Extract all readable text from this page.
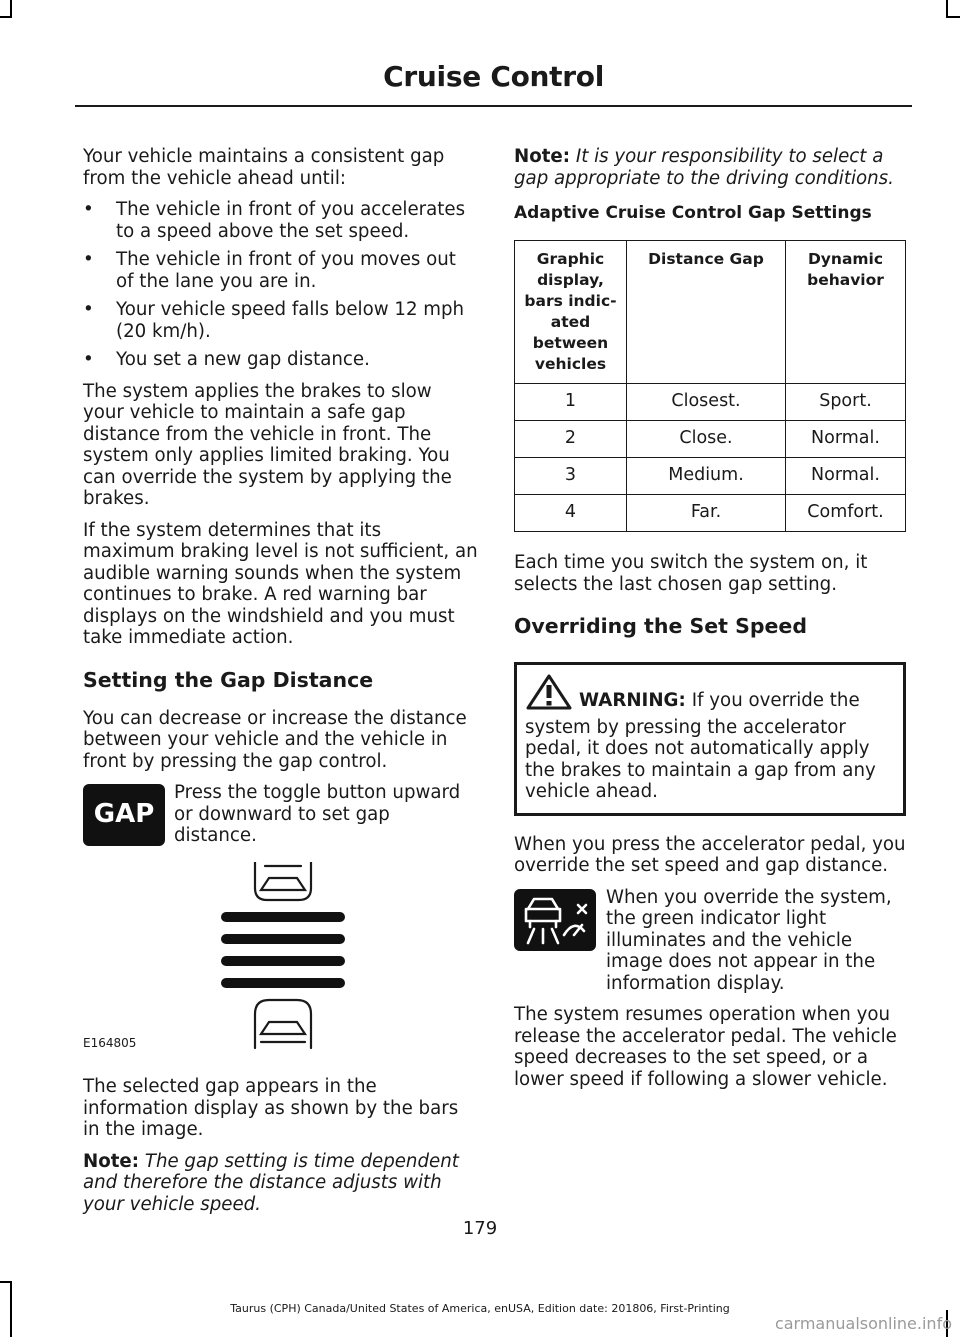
Cruise Control

Your vehicle maintains a consistent gap from the vehicle ahead until:

• The vehicle in front of you accelerates to a speed above the set speed.
• The vehicle in front of you moves out of the lane you are in.
• Your vehicle speed falls below 12 mph (20 km/h).
• You set a new gap distance.

The system applies the brakes to slow your vehicle to maintain a safe gap distance from the vehicle in front. The system only applies limited braking. You can override the system by applying the brakes.

If the system determines that its maximum braking level is not sufficient, an audible warning sounds when the system continues to brake. A red warning bar displays on the windshield and you must take immediate action.

Setting the Gap Distance

You can decrease or increase the distance between your vehicle and the vehicle in front by pressing the gap control.

GAP
Press the toggle button upward or downward to set gap distance.
E164805

The selected gap appears in the information display as shown by the bars in the image.

Note: The gap setting is time dependent and therefore the distance adjusts with your vehicle speed.

Note: It is your responsibility to select a gap appropriate to the driving conditions.

Adaptive Cruise Control Gap Settings
Graphic display, bars indic-ated between vehicles	Distance Gap	Dynamic behavior
1	Closest.	Sport.
2	Close.	Normal.
3	Medium.	Normal.
4	Far.	Comfort.

Each time you switch the system on, it selects the last chosen gap setting.

Overriding the Set Speed
WARNING: If you override the

system by pressing the accelerator pedal, it does not automatically apply the brakes to maintain a gap from any vehicle ahead.

When you press the accelerator pedal, you override the set speed and gap distance.

When you override the system, the green indicator light illuminates and the vehicle image does not appear in the information display.

The system resumes operation when you release the accelerator pedal. The vehicle speed decreases to the set speed, or a lower speed if following a slower vehicle.

179
Taurus (CPH) Canada/United States of America, enUSA, Edition date: 201806, First-Printing
carmanualsonline.info
